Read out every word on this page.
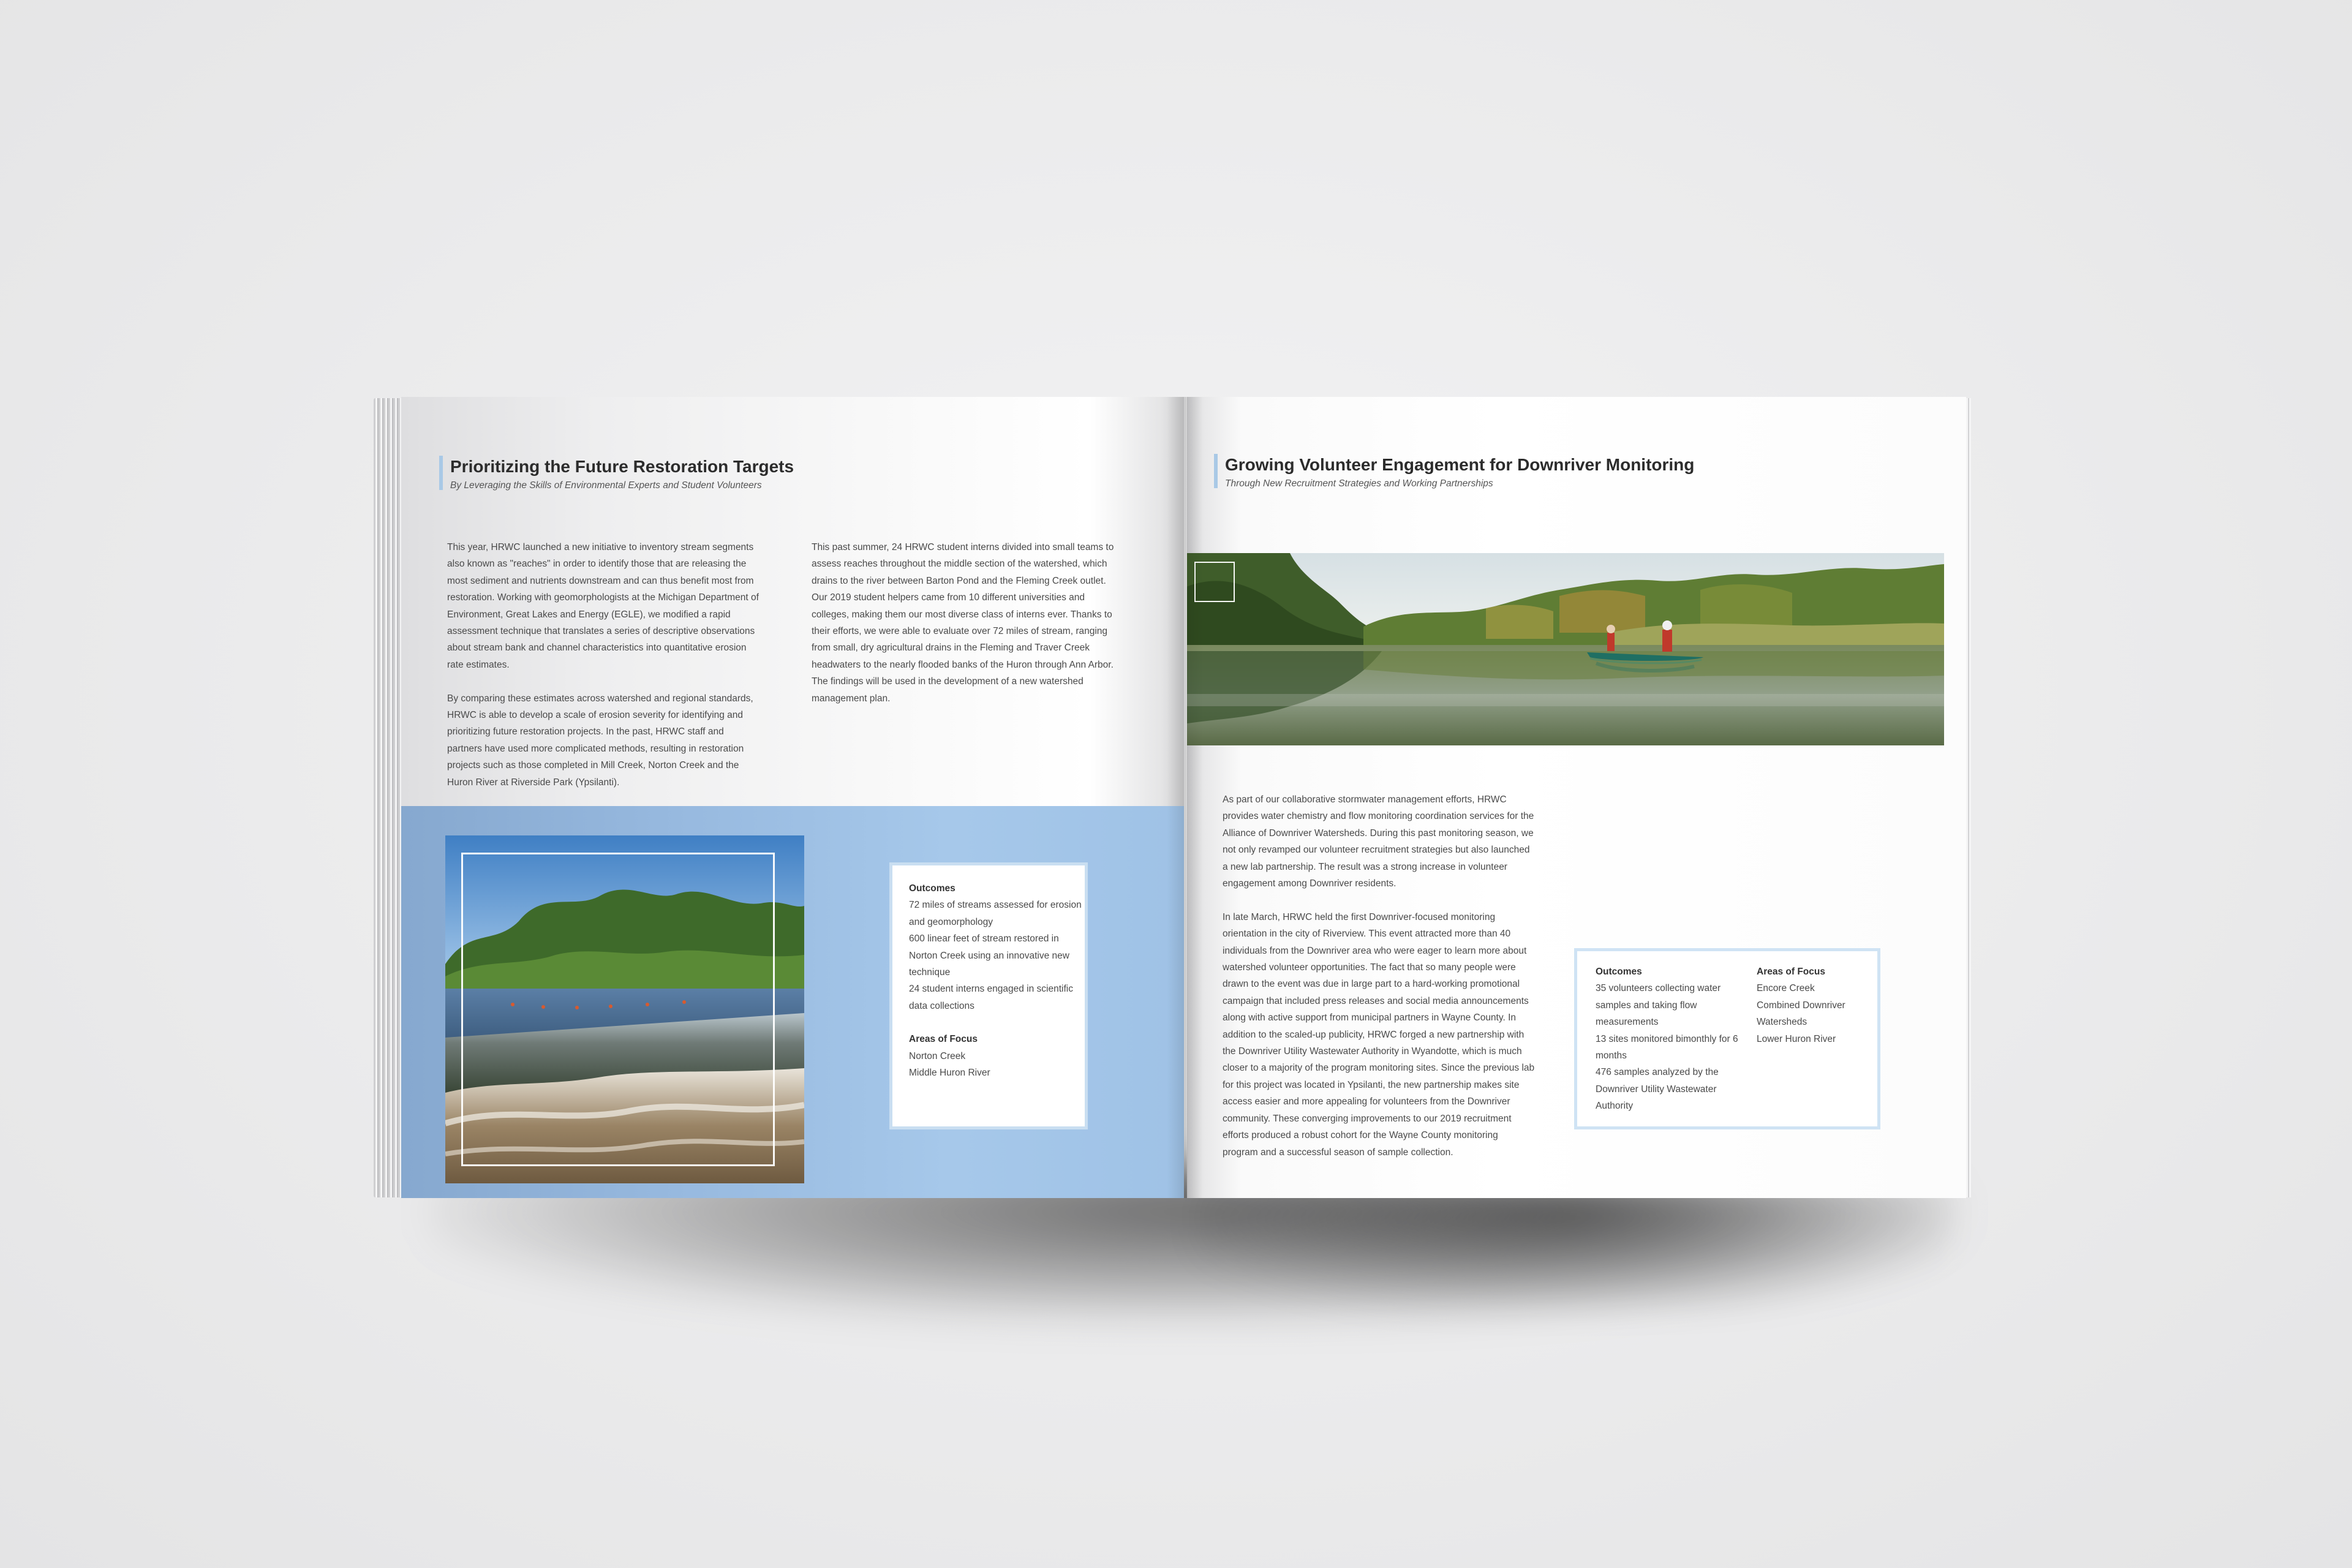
Prioritizing the Future Restoration Targets
By Leveraging the Skills of Environmental Experts and Student Volunteers

This year, HRWC launched a new initiative to inventory stream segments also known as "reaches" in order to identify those that are releasing the most sediment and nutrients downstream and can thus benefit most from restoration. Working with geomorphologists at the Michigan Department of Environment, Great Lakes and Energy (EGLE), we modified a rapid assessment technique that translates a series of descriptive observations about stream bank and channel characteristics into quantitative erosion rate estimates.

By comparing these estimates across watershed and regional standards, HRWC is able to develop a scale of erosion severity for identifying and prioritizing future restoration projects. In the past, HRWC staff and partners have used more complicated methods, resulting in restoration projects such as those completed in Mill Creek, Norton Creek and the Huron River at Riverside Park (Ypsilanti).

This past summer, 24 HRWC student interns divided into small teams to assess reaches throughout the middle section of the watershed, which drains to the river between Barton Pond and the Fleming Creek outlet. Our 2019 student helpers came from 10 different universities and colleges, making them our most diverse class of interns ever. Thanks to their efforts, we were able to evaluate over 72 miles of stream, ranging from small, dry agricultural drains in the Fleming and Traver Creek headwaters to the nearly flooded banks of the Huron through Ann Arbor. The findings will be used in the development of a new watershed management plan.

Outcomes
72 miles of streams assessed for erosion and geomorphology
600 linear feet of stream restored in Norton Creek using an innovative new technique
24 student interns engaged in scientific data collections
Areas of Focus
Norton Creek
Middle Huron River
Growing Volunteer Engagement for Downriver Monitoring
Through New Recruitment Strategies and Working Partnerships

As part of our collaborative stormwater management efforts, HRWC provides water chemistry and flow monitoring coordination services for the Alliance of Downriver Watersheds. During this past monitoring season, we not only revamped our volunteer recruitment strategies but also launched a new lab partnership. The result was a strong increase in volunteer engagement among Downriver residents.

In late March, HRWC held the first Downriver-focused monitoring orientation in the city of Riverview. This event attracted more than 40 individuals from the Downriver area who were eager to learn more about watershed volunteer opportunities. The fact that so many people were drawn to the event was due in large part to a hard-working promotional campaign that included press releases and social media announcements along with active support from municipal partners in Wayne County. In addition to the scaled-up publicity, HRWC forged a new partnership with the Downriver Utility Wastewater Authority in Wyandotte, which is much closer to a majority of the program monitoring sites. Since the previous lab for this project was located in Ypsilanti, the new partnership makes site access easier and more appealing for volunteers from the Downriver community. These converging improvements to our 2019 recruitment efforts produced a robust cohort for the Wayne County monitoring program and a successful season of sample collection.

Outcomes
35 volunteers collecting water samples and taking flow measurements
13 sites monitored bimonthly for 6 months
476 samples analyzed by the Downriver Utility Wastewater Authority
Areas of Focus
Encore Creek
Combined Downriver Watersheds
Lower Huron River
